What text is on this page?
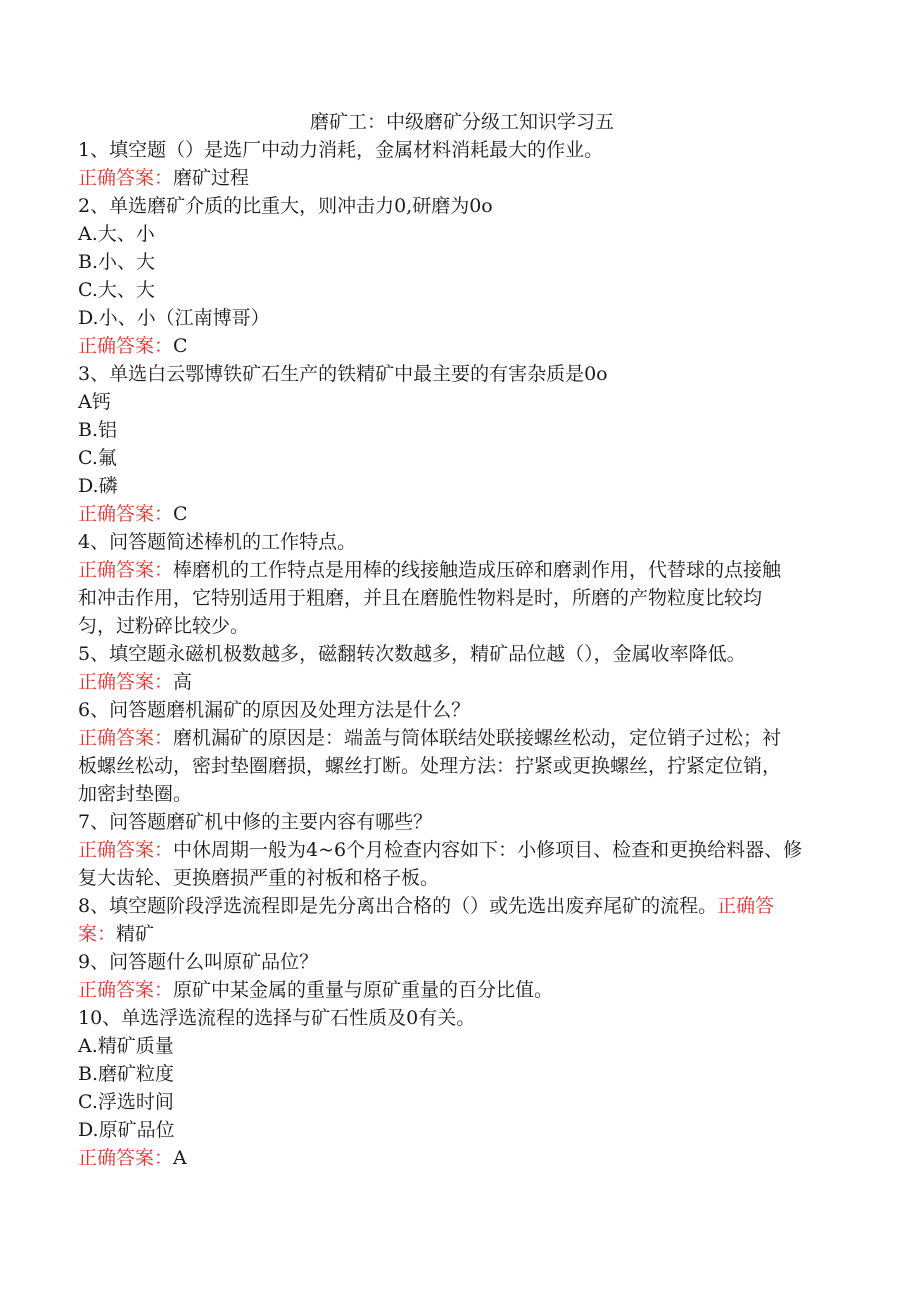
磨矿工：中级磨矿分级工知识学习五
1、填空题（）是选厂中动力消耗，金属材料消耗最大的作业。
正确答案：磨矿过程
2、单选磨矿介质的比重大，则冲击力0,研磨为0o
A.大、小
B.小、大
C.大、大
D.小、小（江南博哥）
正确答案：C
3、单选白云鄂博铁矿石生产的铁精矿中最主要的有害杂质是0o
A钙
B.铝
C.氟
D.磷
正确答案：C
4、问答题简述棒机的工作特点。
正确答案：棒磨机的工作特点是用棒的线接触造成压碎和磨剥作用，代替球的点接触
和冲击作用，它特别适用于粗磨，并且在磨脆性物料是时，所磨的产物粒度比较均
匀，过粉碎比较少。
5、填空题永磁机极数越多，磁翻转次数越多，精矿品位越（），金属收率降低。
正确答案：高
6、问答题磨机漏矿的原因及处理方法是什么？
正确答案：磨机漏矿的原因是：端盖与筒体联结处联接螺丝松动，定位销子过松；衬
板螺丝松动，密封垫圈磨损，螺丝打断。处理方法：拧紧或更换螺丝，拧紧定位销，
加密封垫圈。
7、问答题磨矿机中修的主要内容有哪些？
正确答案：中休周期一般为4~6个月检查内容如下：小修项目、检查和更换给料器、修
复大齿轮、更换磨损严重的衬板和格子板。
8、填空题阶段浮选流程即是先分离出合格的（）或先选出废弃尾矿的流程。正确答
案：精矿
9、问答题什么叫原矿品位？
正确答案：原矿中某金属的重量与原矿重量的百分比值。
10、单选浮选流程的选择与矿石性质及0有关。
A.精矿质量
B.磨矿粒度
C.浮选时间
D.原矿品位
正确答案：A
